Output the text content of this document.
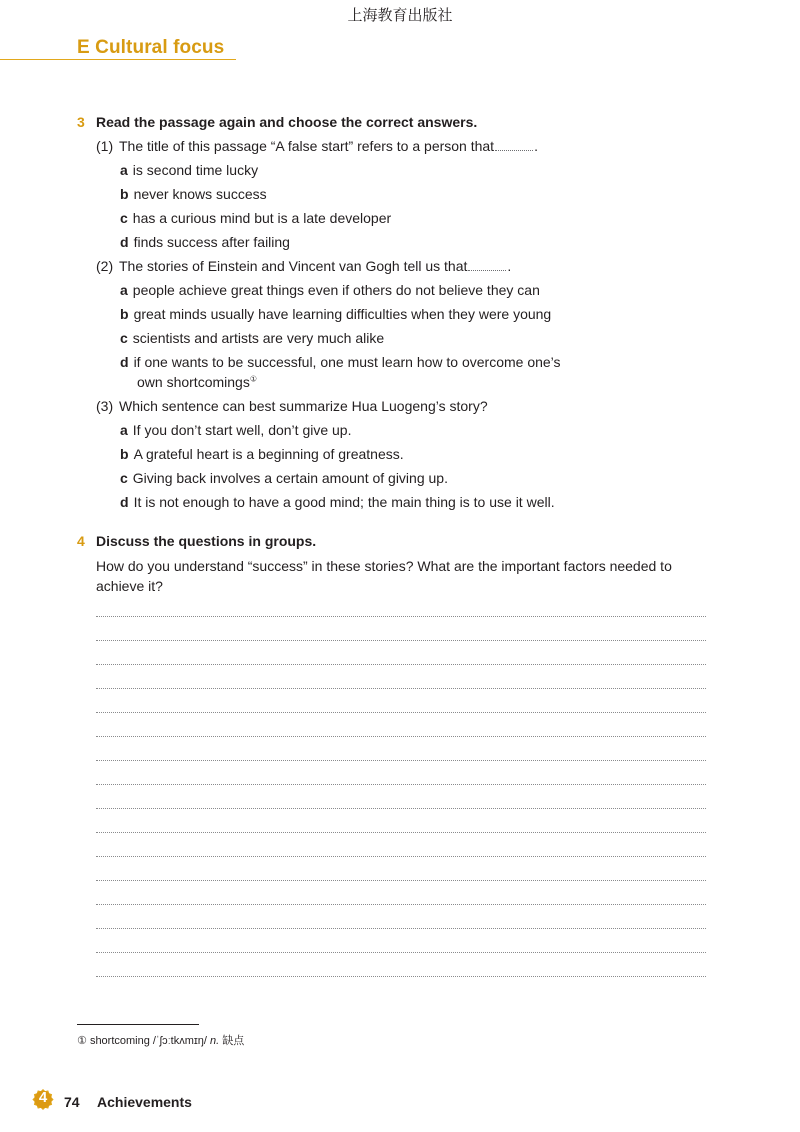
上海教育出版社
E Cultural focus
3 Read the passage again and choose the correct answers.
(1) The title of this passage “A false start” refers to a person that	.
a is second time lucky
b never knows success
c has a curious mind but is a late developer
d finds success after failing
(2) The stories of Einstein and Vincent van Gogh tell us that	.
a people achieve great things even if others do not believe they can
b great minds usually have learning difficulties when they were young
c scientists and artists are very much alike
d if one wants to be successful, one must learn how to overcome one’s
own shortcomings①
(3) Which sentence can best summarize Hua Luogeng’s story?
a If you don’t start well, don’t give up.
b A grateful heart is a beginning of greatness.
c Giving back involves a certain amount of giving up.
d It is not enough to have a good mind; the main thing is to use it well.
4 Discuss the questions in groups.
How do you understand “success” in these stories? What are the important factors needed to achieve it?
① shortcoming /ˈʃɔːtkʌmɪŋ/ n. 缺点
4	74 Achievements
